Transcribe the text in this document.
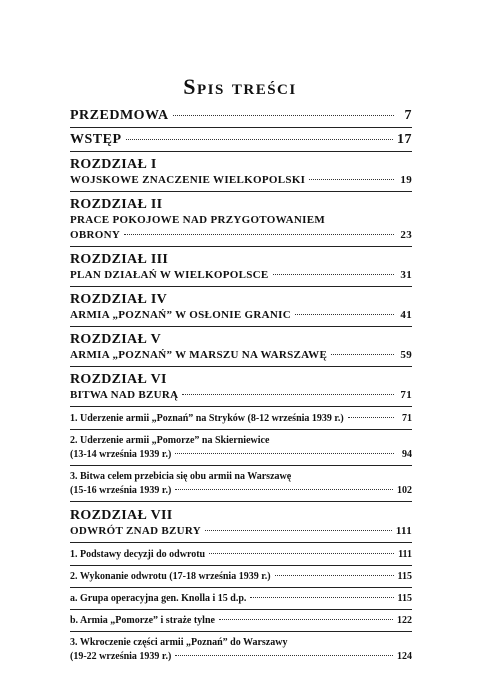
Spis treści
PRZEDMOWA	7
WSTĘP	17
ROZDZIAŁ I
WOJSKOWE ZNACZENIE WIELKOPOLSKI	19
ROZDZIAŁ II
PRACE POKOJOWE NAD PRZYGOTOWANIEM
OBRONY	23
ROZDZIAŁ III
PLAN DZIAŁAŃ W WIELKOPOLSCE	31
ROZDZIAŁ IV
ARMIA „POZNAŃ” W OSŁONIE GRANIC	41
ROZDZIAŁ V
ARMIA „POZNAŃ” W MARSZU NA WARSZAWĘ	59
ROZDZIAŁ VI
BITWA NAD BZURĄ	71
1. Uderzenie armii „Poznań” na Stryków (8-12 września 1939 r.)	71
2. Uderzenie armii „Pomorze” na Skierniewice
(13-14 września 1939 r.)	94
3. Bitwa celem przebicia się obu armii na Warszawę
(15-16 września 1939 r.)	102
ROZDZIAŁ VII
ODWRÓT ZNAD BZURY	111
1. Podstawy decyzji do odwrotu	111
2. Wykonanie odwrotu (17-18 września 1939 r.)	115
a. Grupa operacyjna gen. Knolla i 15 d.p.	115
b. Armia „Pomorze” i straże tylne	122
3. Wkroczenie części armii „Poznań” do Warszawy
(19-22 września 1939 r.)	124
